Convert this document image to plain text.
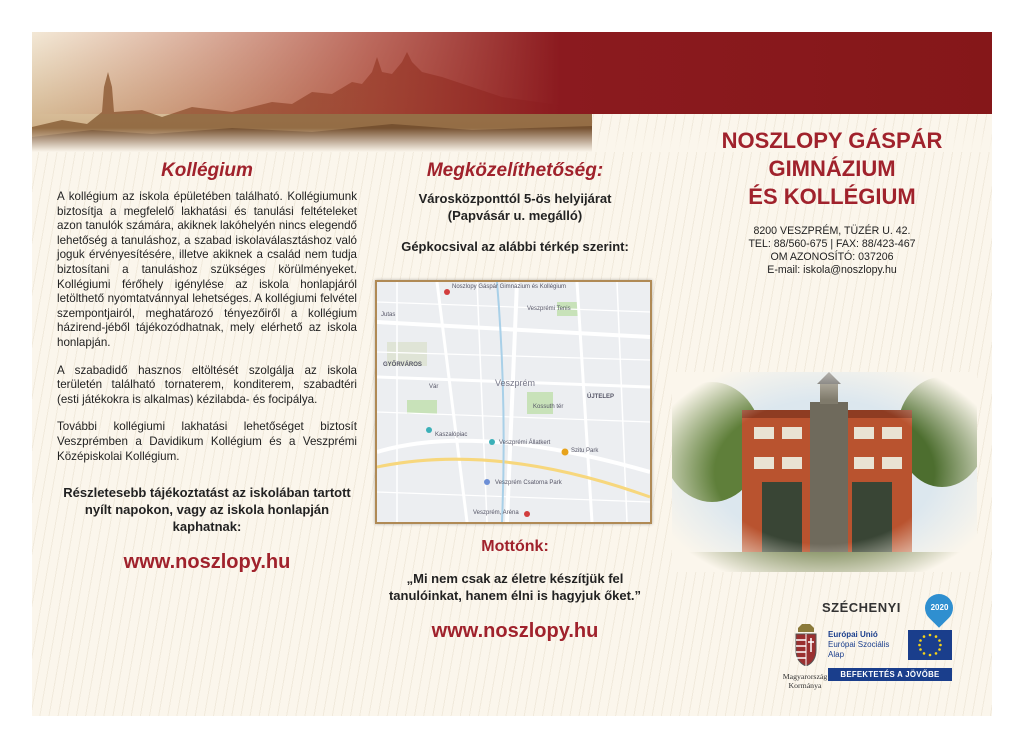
Kollégium

A kollégium az iskola épületében található. Kollégiumunk biztosítja a megfelelő lakhatási és tanulási feltételeket azon tanulók számára, akiknek lakóhelyén nincs elegendő lehetőség a tanuláshoz, a szabad iskolaválasztáshoz való joguk érvényesítésére, illetve akiknek a család nem tudja biztosítani a tanuláshoz szükséges körülményeket. Kollégiumi férőhely igénylése az iskola honlapjáról letölthető nyomtatvánnyal lehetséges. A kollégiumi felvétel szempontjairól, meghatározó tényezőiről a kollégium házirend-jéből tájékozódhatnak, mely elérhető az iskola honlapján.

A szabadidő hasznos eltöltését szolgálja az iskola területén található tornaterem, konditerem, szabadtéri (esti játékokra is alkalmas) kézilabda- és focipálya.

További kollégiumi lakhatási lehetőséget biztosít Veszprémben a Davidikum Kollégium és a Veszprémi Középiskolai Kollégium.

Részletesebb tájékoztatást az iskolában tartott nyílt napokon, vagy az iskola honlapján kaphatnak:
www.noszlopy.hu
Megközelíthetőség:
Városközponttól 5-ös helyijárat
(Papvásár u. megálló)
Gépkocsival az alábbi térkép szerint:
Mottónk:
„Mi nem csak az életre készítjük fel tanulóinkat, hanem élni is hagyjuk őket.”
www.noszlopy.hu
Noszlopy Gáspár Gimnázium és Kollégium
GYŐRVÁROS
Veszprém
ÚJTELEP
Jutas
Veszprémi Tenis
Vár
Kossuth tér
Kaszalópiac
Veszprémi Állatkert
Szitu Park
Veszprém Csatorna Park
Veszprém, Aréna

NOSZLOPY GÁSPÁR

GIMNÁZIUM

ÉS KOLLÉGIUM

8200 VESZPRÉM, TÜZÉR U. 42.
TEL: 88/560-675 | FAX: 88/423-467
OM AZONOSÍTÓ: 037206
E-mail: iskola@noszlopy.hu
SZÉCHENYI	2020
Magyarország
Kormánya
Európai Unió
Európai Szociális
Alap
BEFEKTETÉS A JÖVŐBE
